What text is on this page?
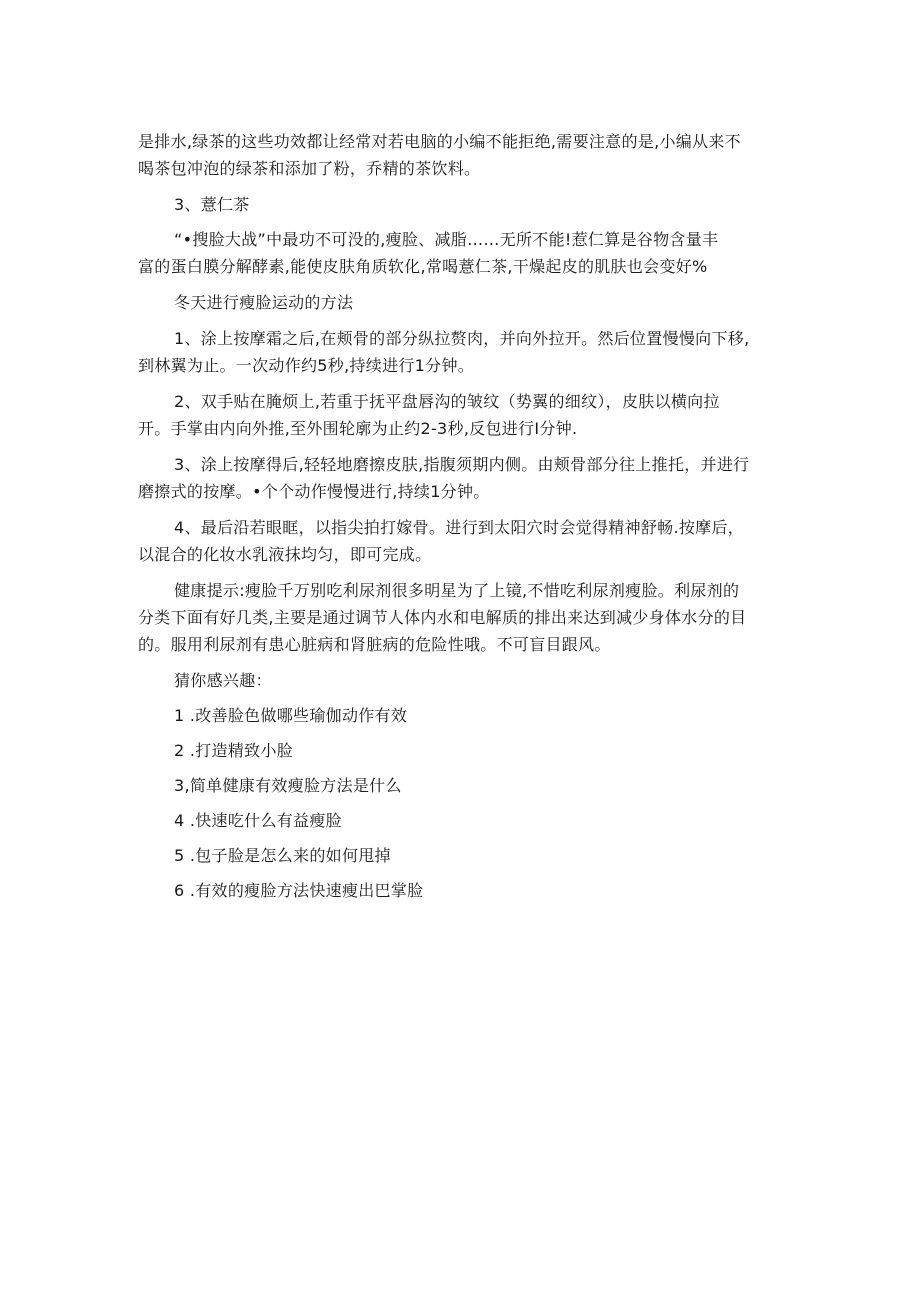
是排水,绿茶的这些功效都让经常对若电脑的小编不能拒绝,需要注意的是,小编从来不
喝茶包冲泡的绿茶和添加了粉，乔精的茶饮料。

3、薏仁茶

“•搜脸大战”中最功不可没的,瘦脸、减脂……无所不能!惹仁算是谷物含量丰
富的蛋白膜分解酵素,能使皮肤角质软化,常喝薏仁茶,干燥起皮的肌肤也会变好%

冬天进行瘦脸运动的方法

1、涂上按摩霜之后,在颊骨的部分纵拉赘肉，并向外拉开。然后位置慢慢向下移,
到林翼为止。一次动作约5秒,持续进行1分钟。

2、双手贴在腌烦上,若重于抚平盘唇沟的皱纹（势翼的细纹），皮肤以横向拉
开。手掌由内向外推,至外围轮廓为止约2-3秒,反包进行I分钟.

3、涂上按摩得后,轻轻地磨擦皮肤,指腹须期内侧。由颊骨部分往上推托，并进行
磨擦式的按摩。•个个动作慢慢进行,持续1分钟。

4、最后沿若眼眶，以指尖拍打嫁骨。进行到太阳穴时会觉得精神舒畅.按摩后，
以混合的化妆水乳液抹均匀，即可完成。

健康提示:瘦脸千万别吃利尿剂很多明星为了上镜,不惜吃利尿剂瘦脸。利尿剂的
分类下面有好几类,主要是通过调节人体内水和电解质的排出来达到减少身体水分的目
的。服用利尿剂有患心脏病和肾脏病的危险性哦。不可盲目跟风。

猜你感兴趣：

1 .改善脸色做哪些瑜伽动作有效

2 .打造精致小脸

3,简单健康有效瘦脸方法是什么

4 .快速吃什么有益瘦脸

5 .包子脸是怎么来的如何甩掉

6 .有效的瘦脸方法快速瘦出巴掌脸
